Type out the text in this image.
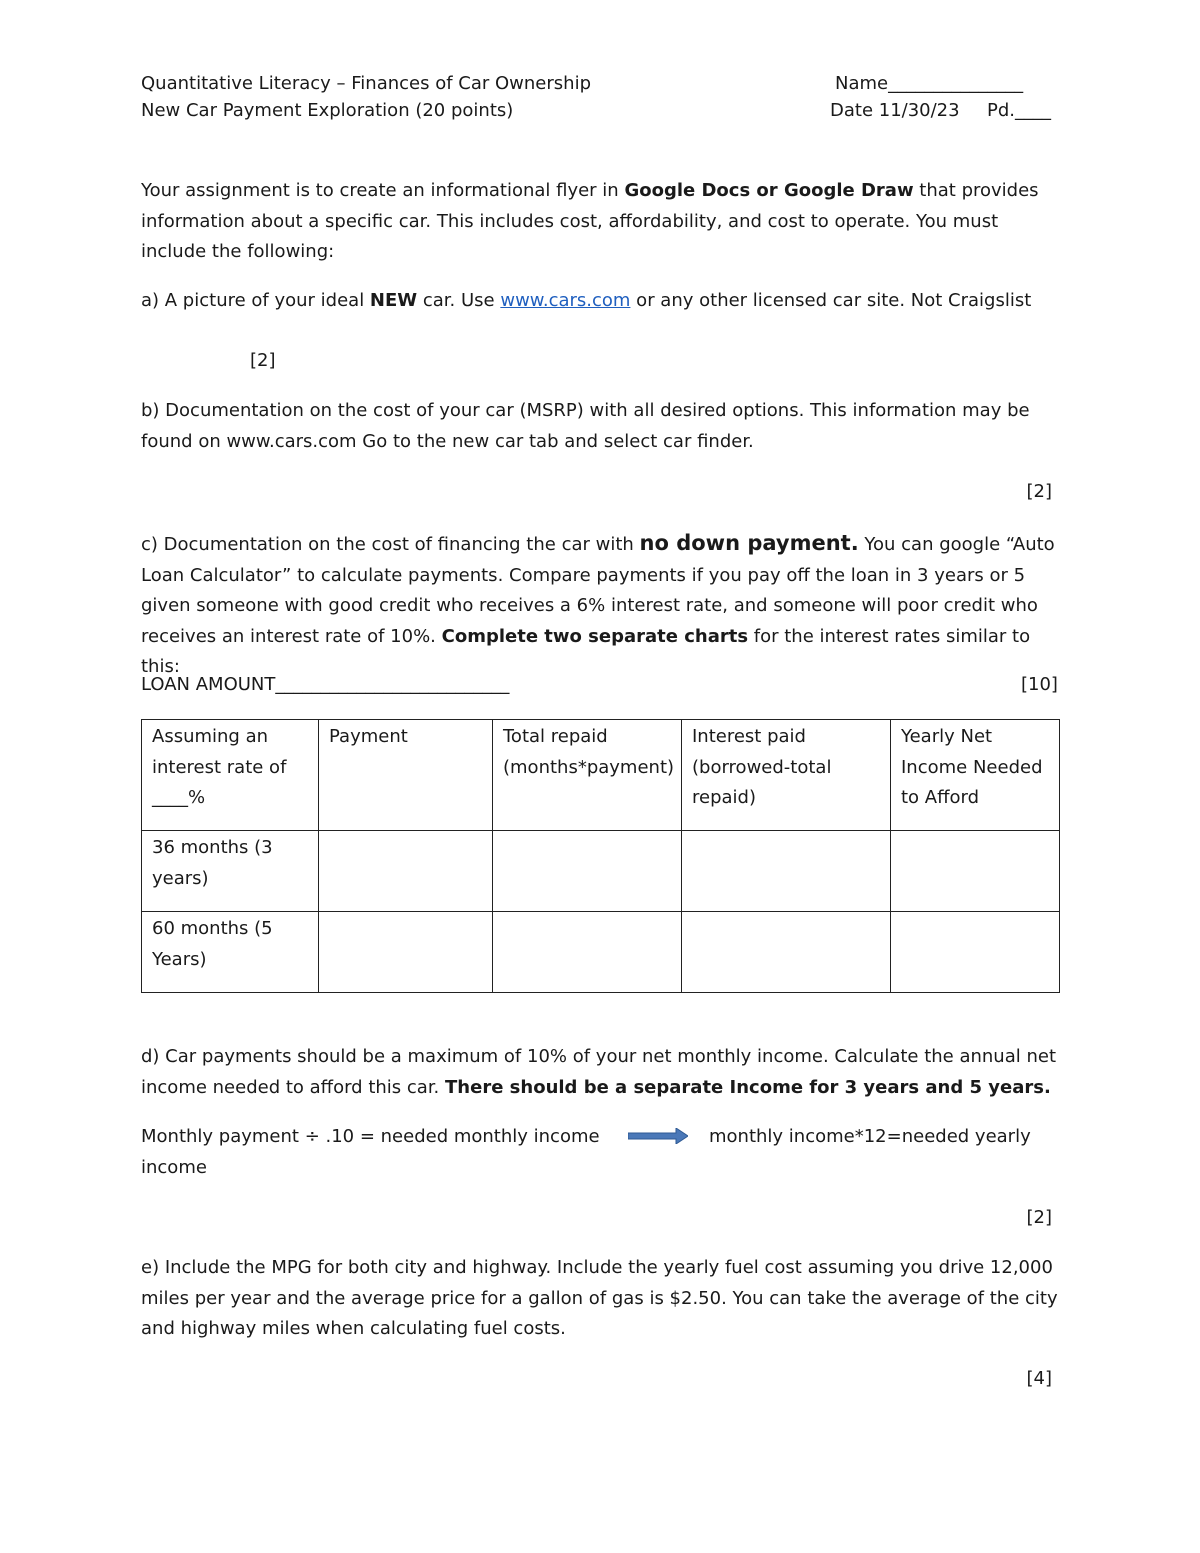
Quantitative Literacy – Finances of Car Ownership
New Car Payment Exploration (20 points)
Name_______________
Date 11/30/23 Pd.____
Your assignment is to create an informational flyer in Google Docs or Google Draw that provides information about a specific car. This includes cost, affordability, and cost to operate. You must include the following:
a) A picture of your ideal NEW car. Use www.cars.com or any other licensed car site. Not Craigslist
[2]
b) Documentation on the cost of your car (MSRP) with all desired options. This information may be found on www.cars.com Go to the new car tab and select car finder.
[2]
c) Documentation on the cost of financing the car with no down payment. You can google “Auto Loan Calculator” to calculate payments. Compare payments if you pay off the loan in 3 years or 5 given someone with good credit who receives a 6% interest rate, and someone will poor credit who receives an interest rate of 10%. Complete two separate charts for the interest rates similar to this:
LOAN AMOUNT__________________________	[10]
Assuming an interest rate of ____%	Payment	Total repaid (months*payment)	Interest paid (borrowed-total repaid)	Yearly Net Income Needed to Afford
36 months (3 years)				
60 months (5 Years)				
d) Car payments should be a maximum of 10% of your net monthly income. Calculate the annual net income needed to afford this car. There should be a separate Income for 3 years and 5 years.
Monthly payment ÷ .10 = needed monthly income	monthly income*12=needed yearly
income
[2]
e) Include the MPG for both city and highway. Include the yearly fuel cost assuming you drive 12,000 miles per year and the average price for a gallon of gas is $2.50. You can take the average of the city and highway miles when calculating fuel costs.
[4]
